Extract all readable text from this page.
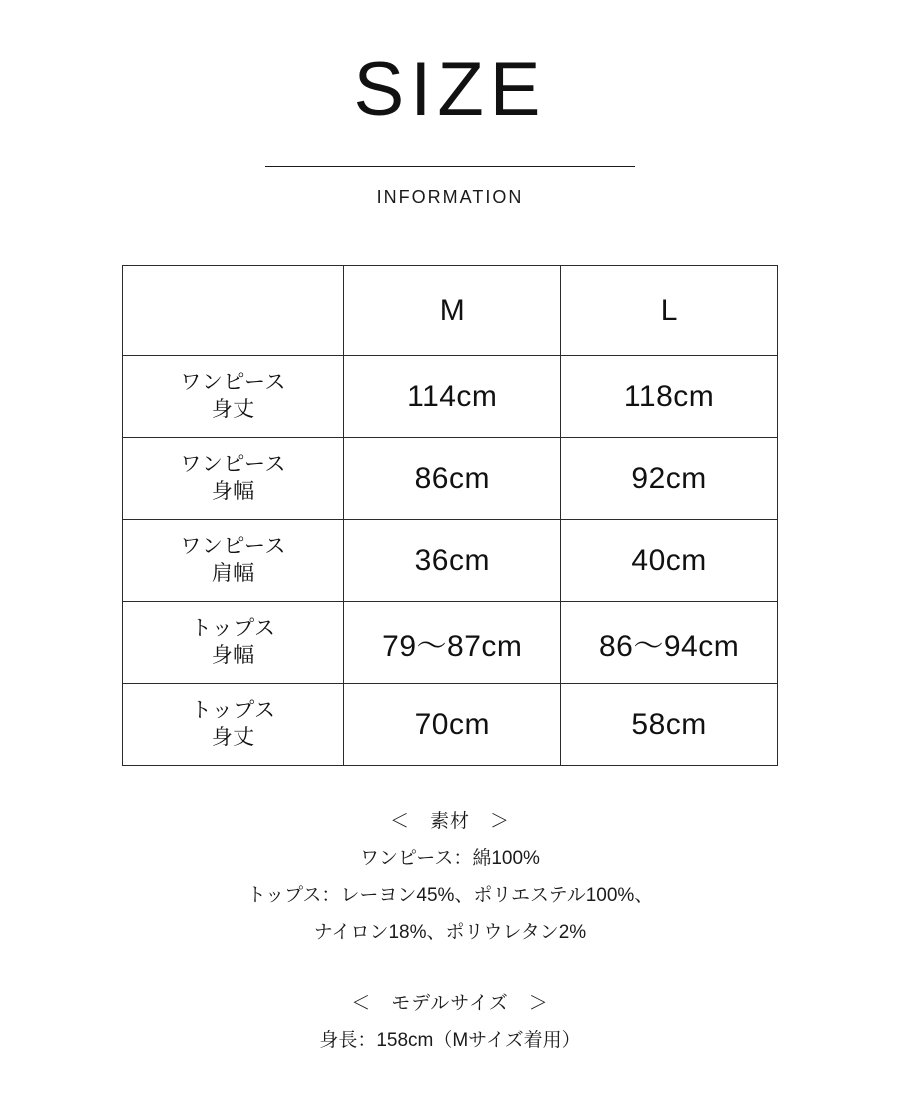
SIZE
INFORMATION
	M	L
ワンピース
身丈	114cm	118cm
ワンピース
身幅	86cm	92cm
ワンピース
肩幅	36cm	40cm
トップス
身幅	79〜87cm	86〜94cm
トップス
身丈	70cm	58cm

＜　素材　＞

ワンピース：綿100%

トップス：レーヨン45%、ポリエステル100%、

ナイロン18%、ポリウレタン2%

＜　モデルサイズ　＞

身長：158cm（Mサイズ着用）
